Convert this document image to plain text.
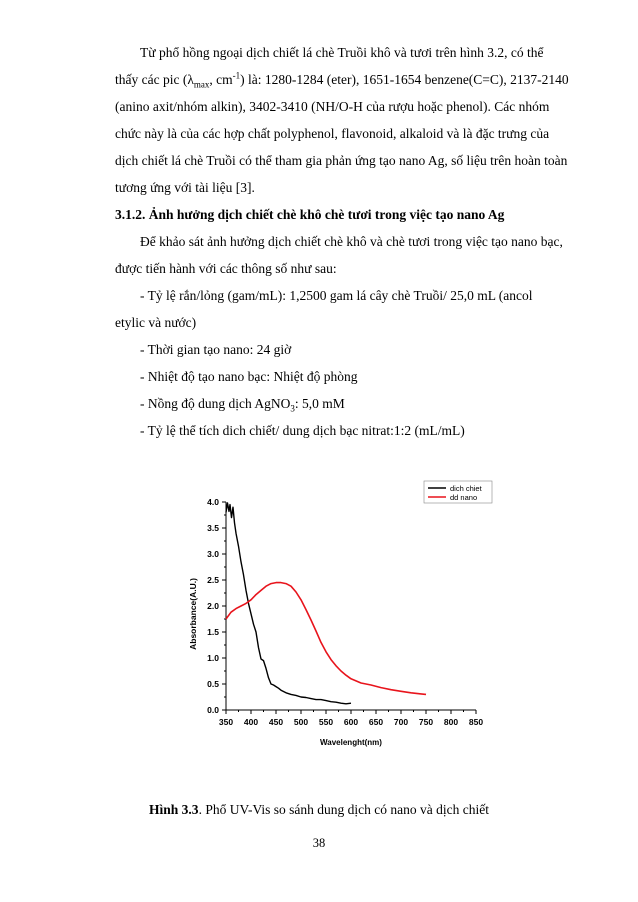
Từ phổ hồng ngoại dịch chiết lá chè Truồi khô và tươi trên hình 3.2, có thể
thấy các pic ($\lambda_{max}$, $cm^{-1}$) là: 1280-1284 (eter), 1651-1654 benzene(C=C), 2137-2140
(anino axit/nhóm alkin), 3402-3410 (NH/O-H của rượu hoặc phenol). Các nhóm
chức này là của các hợp chất polyphenol, flavonoid, alkaloid và là đặc trưng của
dịch chiết lá chè Truồi có thể tham gia phản ứng tạo nano Ag, số liệu trên hoàn toàn
tương ứng với tài liệu [3].
3.1.2. Ảnh hưởng dịch chiết chè khô chè tươi trong việc tạo nano Ag
Để khảo sát ảnh hưởng dịch chiết chè khô và chè tươi trong việc tạo nano bạc,
được tiến hành với các thông số như sau:
- Tỷ lệ rắn/lỏng (gam/mL): 1,2500 gam lá cây chè Truồi/ 25,0 mL (ancol
etylic và nước)
- Thời gian tạo nano: 24 giờ
- Nhiệt độ tạo nano bạc: Nhiệt độ phòng
- Nồng độ dung dịch AgNO$_3$: 5,0 mM
- Tỷ lệ thể tích dich chiết/ dung dịch bạc nitrat:1:2 (mL/mL)
350 400 450 500 550 600 650 700 750 800 850
0.0
0.5
1.0
1.5
2.0
2.5
3.0
3.5
4.0
Wavelenght(nm)
Absorbance(A.U.)
dich chiet
dd nano
Hình 3.3. Phổ UV-Vis so sánh dung dịch có nano và dịch chiết
38
